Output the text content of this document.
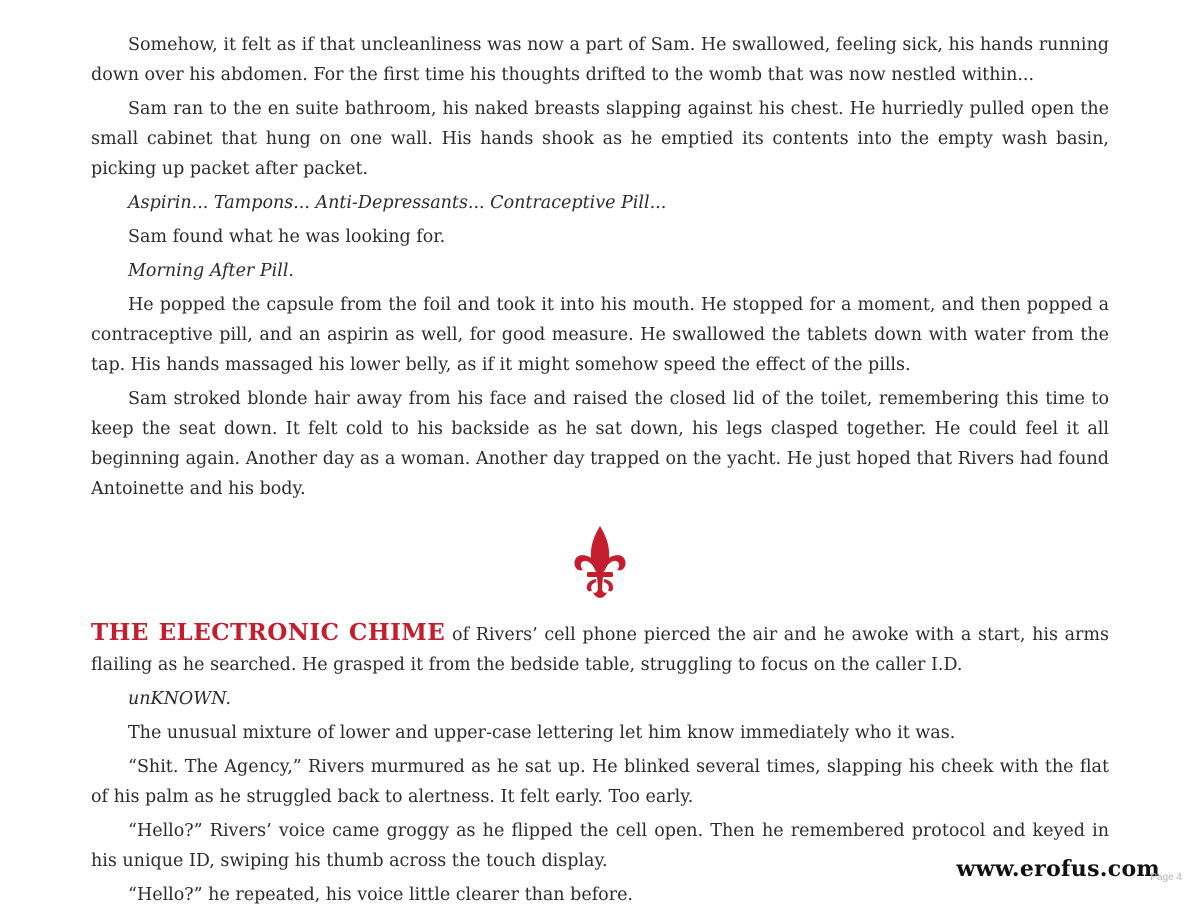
Somehow, it felt as if that uncleanliness was now a part of Sam. He swallowed, feeling sick, his hands running down over his abdomen. For the first time his thoughts drifted to the womb that was now nestled within...

Sam ran to the en suite bathroom, his naked breasts slapping against his chest. He hurriedly pulled open the small cabinet that hung on one wall. His hands shook as he emptied its contents into the empty wash basin, picking up packet after packet.

Aspirin... Tampons... Anti-Depressants... Contraceptive Pill...

Sam found what he was looking for.

Morning After Pill.

He popped the capsule from the foil and took it into his mouth. He stopped for a moment, and then popped a contraceptive pill, and an aspirin as well, for good measure. He swallowed the tablets down with water from the tap. His hands massaged his lower belly, as if it might somehow speed the effect of the pills.

Sam stroked blonde hair away from his face and raised the closed lid of the toilet, remembering this time to keep the seat down. It felt cold to his backside as he sat down, his legs clasped together. He could feel it all beginning again. Another day as a woman. Another day trapped on the yacht. He just hoped that Rivers had found Antoinette and his body.

THE ELECTRONIC CHIME of Rivers’ cell phone pierced the air and he awoke with a start, his arms flailing as he searched. He grasped it from the bedside table, struggling to focus on the caller I.D.

unKNOWN.

The unusual mixture of lower and upper-case lettering let him know immediately who it was.

“Shit. The Agency,” Rivers murmured as he sat up. He blinked several times, slapping his cheek with the flat of his palm as he struggled back to alertness. It felt early. Too early.

“Hello?” Rivers’ voice came groggy as he flipped the cell open. Then he remembered protocol and keyed in his unique ID, swiping his thumb across the touch display.

“Hello?” he repeated, his voice little clearer than before.

www.erofus.com
Page 4
